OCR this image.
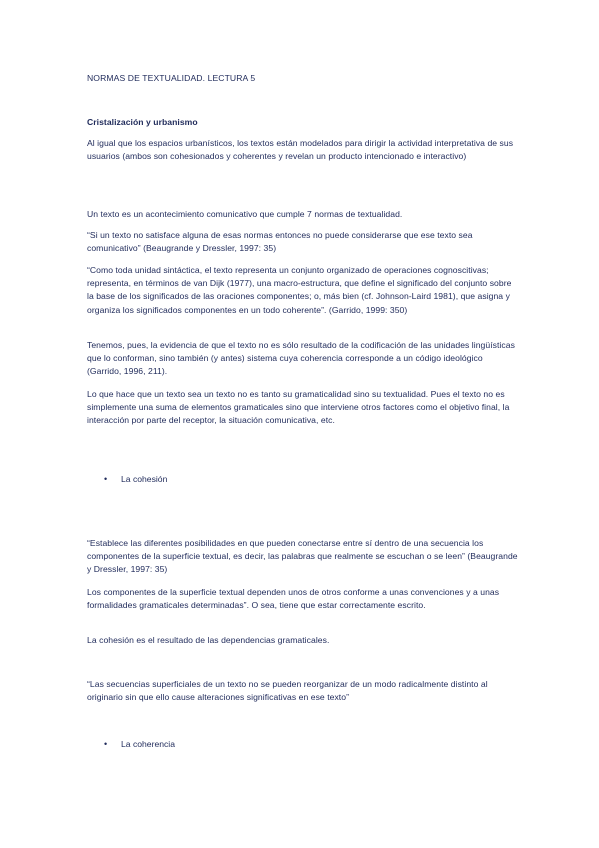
NORMAS DE TEXTUALIDAD. LECTURA 5

Cristalización y urbanismo

Al igual que los espacios urbanísticos, los textos están modelados para dirigir la actividad interpretativa de sus usuarios (ambos son cohesionados y coherentes y revelan un producto intencionado e interactivo)

Un texto es un acontecimiento comunicativo que cumple 7 normas de textualidad.

“Si un texto no satisface alguna de esas normas entonces no puede considerarse que ese texto sea comunicativo” (Beaugrande y Dressler, 1997: 35)

“Como toda unidad sintáctica, el texto representa un conjunto organizado de operaciones cognoscitivas; representa, en términos de van Dijk (1977), una macro-estructura, que define el significado del conjunto sobre la base de los significados de las oraciones componentes; o, más bien (cf. Johnson-Laird 1981), que asigna y organiza los significados componentes en un todo coherente”. (Garrido, 1999: 350)

Tenemos, pues, la evidencia de que el texto no es sólo resultado de la codificación de las unidades lingüísticas que lo conforman, sino también (y antes) sistema cuya coherencia corresponde a un código ideológico (Garrido, 1996, 211).

Lo que hace que un texto sea un texto no es tanto su gramaticalidad sino su textualidad. Pues el texto no es simplemente una suma de elementos gramaticales sino que interviene otros factores como el objetivo final, la interacción por parte del receptor, la situación comunicativa, etc.

• La cohesión

“Establece las diferentes posibilidades en que pueden conectarse entre sí dentro de una secuencia los componentes de la superficie textual, es decir, las palabras que realmente se escuchan o se leen” (Beaugrande y Dressler, 1997: 35)

Los componentes de la superficie textual dependen unos de otros conforme a unas convenciones y a unas formalidades gramaticales determinadas”. O sea, tiene que estar correctamente escrito.

La cohesión es el resultado de las dependencias gramaticales.

“Las secuencias superficiales de un texto no se pueden reorganizar de un modo radicalmente distinto al originario sin que ello cause alteraciones significativas en ese texto”

• La coherencia
